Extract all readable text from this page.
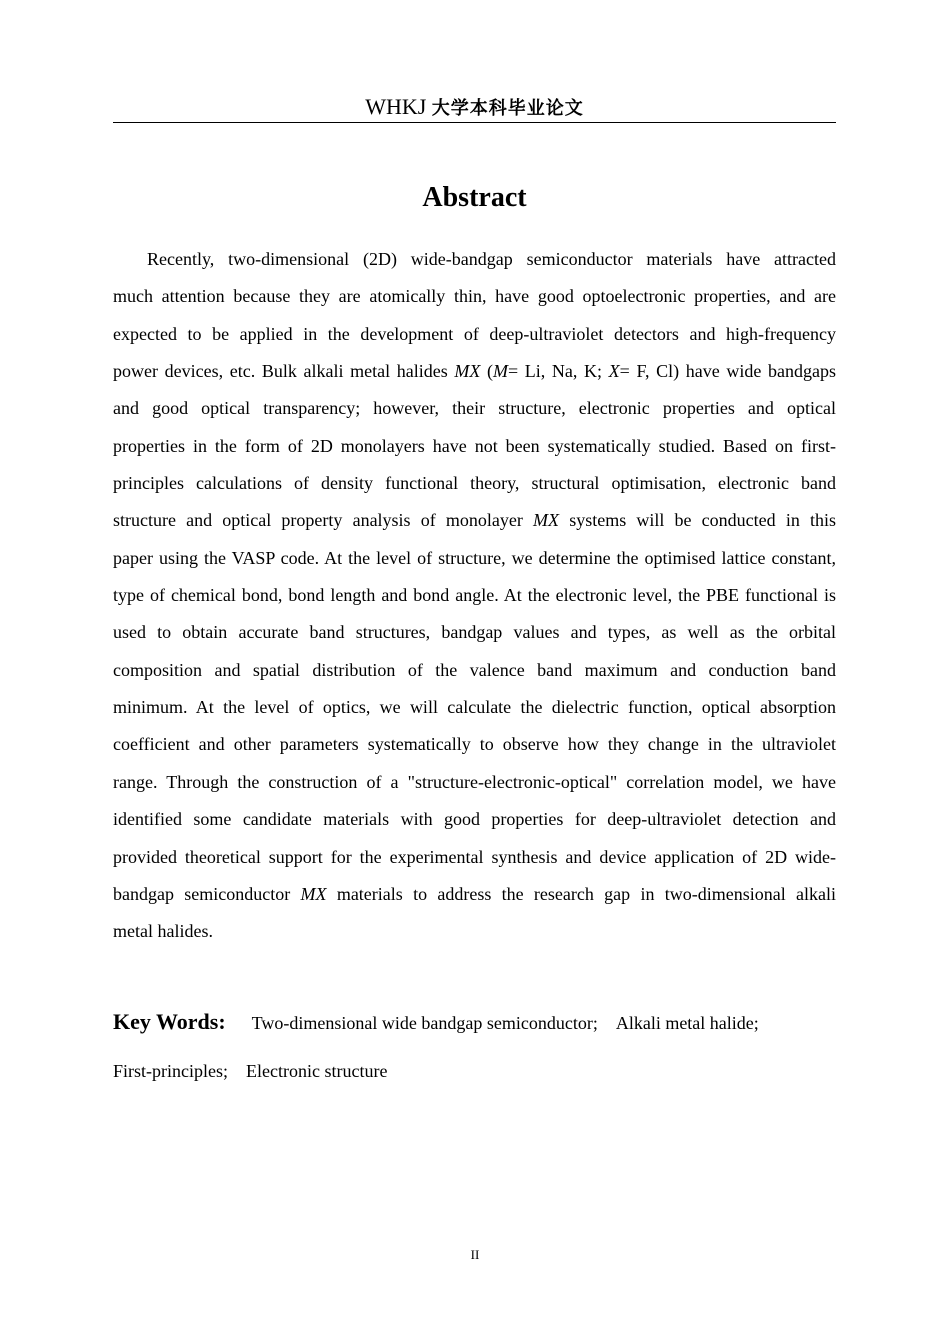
WHKJ 大学本科毕业论文
Abstract
Recently, two-dimensional (2D) wide-bandgap semiconductor materials have attracted
much attention because they are atomically thin, have good optoelectronic properties, and are
expected to be applied in the development of deep-ultraviolet detectors and high-frequency
power devices, etc. Bulk alkali metal halides MX (M= Li, Na, K; X= F, Cl) have wide bandgaps
and good optical transparency; however, their structure, electronic properties and optical
properties in the form of 2D monolayers have not been systematically studied. Based on first-
principles calculations of density functional theory, structural optimisation, electronic band
structure and optical property analysis of monolayer MX systems will be conducted in this
paper using the VASP code. At the level of structure, we determine the optimised lattice constant,
type of chemical bond, bond length and bond angle. At the electronic level, the PBE functional is
used to obtain accurate band structures, bandgap values and types, as well as the orbital
composition and spatial distribution of the valence band maximum and conduction band
minimum. At the level of optics, we will calculate the dielectric function, optical absorption
coefficient and other parameters systematically to observe how they change in the ultraviolet
range. Through the construction of a "structure-electronic-optical" correlation model, we have
identified some candidate materials with good properties for deep-ultraviolet detection and
provided theoretical support for the experimental synthesis and device application of 2D wide-
bandgap semiconductor MX materials to address the research gap in two-dimensional alkali
metal halides.
Key Words: Two-dimensional wide bandgap semiconductor; Alkali metal halide;
First-principles; Electronic structure
II
